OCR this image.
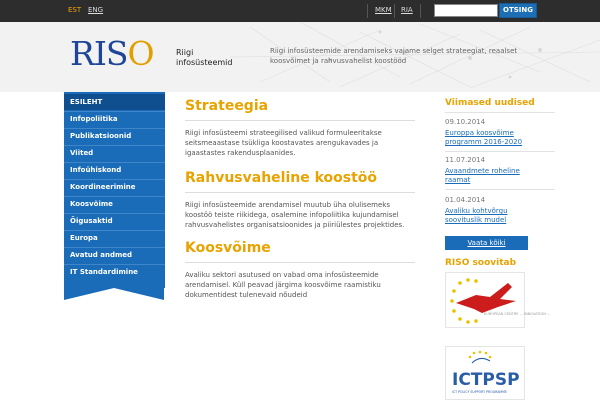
EST ENG	MKM RIA	OTSING
RISO	Riigi infosüsteemid
Riigi infosüsteemide arendamiseks vajame selget strateegiat, reaalset koosvõimet ja rahvusvahelist koostööd
ESILEHT
Infopoliitika
Publikatsioonid
Viited
Infoühiskond
Koordineerimine
Koosvõime
Õigusaktid
Europa
Avatud andmed
IT Standardimine
Strateegia
Riigi infosüsteemi strateegilised valikud formuleeritakse seitsmeaastase tsükliga koostavates arengukavades ja igaastastes rakendusplaanides.
Rahvusvaheline koostöö
Riigi infosüsteemide arendamisel muutub üha olulisemeks koostöö teiste riikidega, osalemine infopoliitika kujundamisel rahvusvahelistes organisatsioonides ja piiriülestes projektides.
Koosvõime
Avaliku sektori asutused on vabad oma infosüsteemide arendamisel. Küll peavad järgima koosvõime raamistiku dokumentidest tulenevaid nõudeid
Viimased uudised
09.10.2014
Europpa koosvõime programm 2016-2020
11.07.2014
Avaandmete roheline raamat
01.04.2014
Avaliku kohtvõrgu soovituslik mudel
Vaata kõiki
RISO soovitab
EUROPEAN CENTRE ... INNOVATION ...
ICTPSP
ICT POLICY SUPPORT PROGRAMME
